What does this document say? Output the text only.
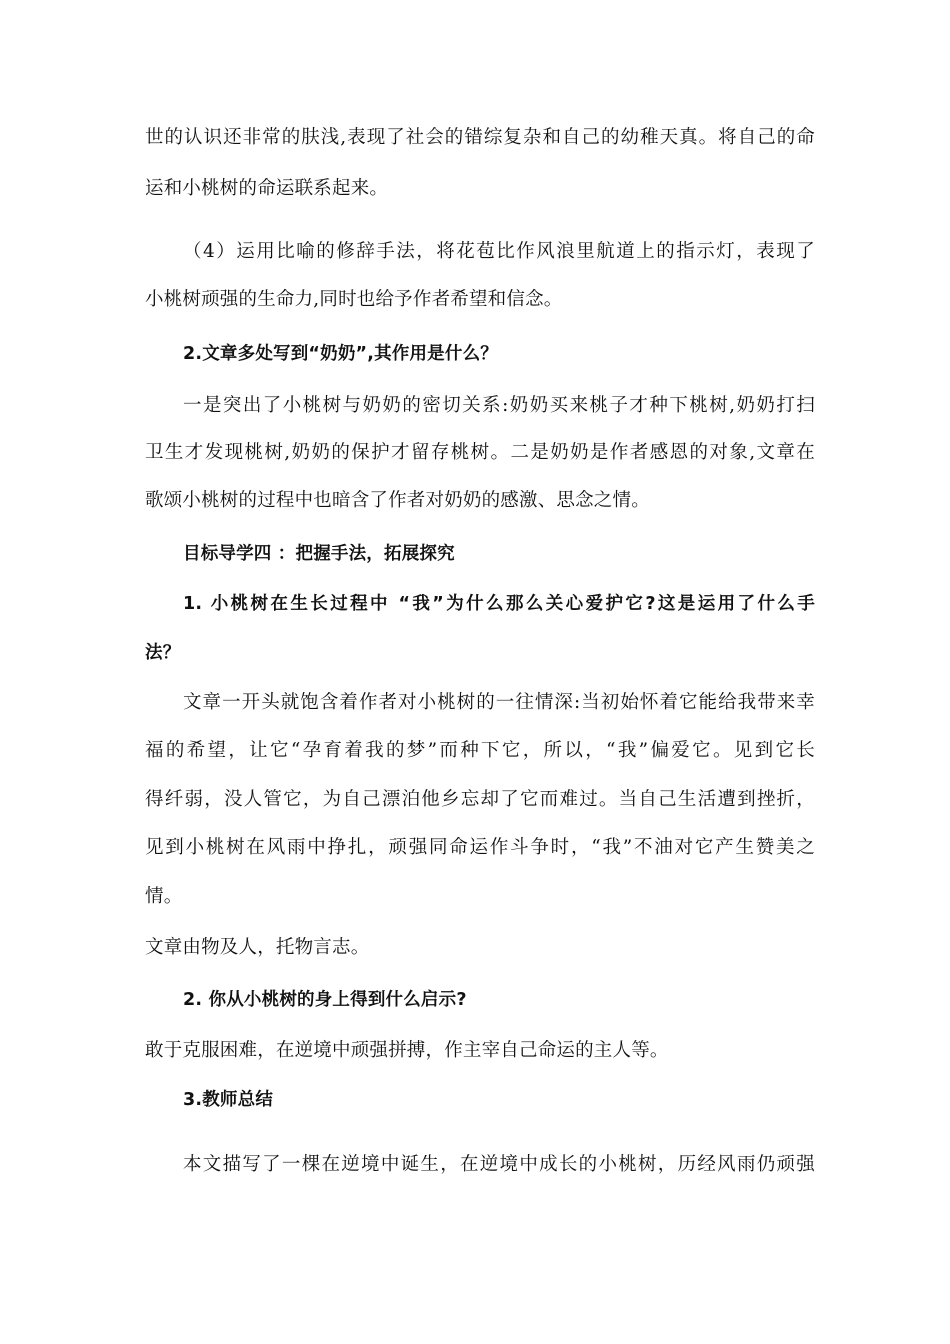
世的认识还非常的肤浅,表现了社会的错综复杂和自己的幼稚天真。将自己的命
运和小桃树的命运联系起来。
（4）运用比喻的修辞手法，将花苞比作风浪里航道上的指示灯，表现了
小桃树顽强的生命力,同时也给予作者希望和信念。
2.文章多处写到“奶奶”,其作用是什么？
一是突出了小桃树与奶奶的密切关系:奶奶买来桃子才种下桃树,奶奶打扫
卫生才发现桃树,奶奶的保护才留存桃树。二是奶奶是作者感恩的对象,文章在
歌颂小桃树的过程中也暗含了作者对奶奶的感激、思念之情。
目标导学四 ：把握手法，拓展探究
1. 小桃树在生长过程中 “我”为什么那么关心爱护它?这是运用了什么手
法？
文章一开头就饱含着作者对小桃树的一往情深:当初始怀着它能给我带来幸
福的希望，让它“孕育着我的梦”而种下它，所以，“我”偏爱它。见到它长
得纤弱，没人管它，为自己漂泊他乡忘却了它而难过。当自己生活遭到挫折，
见到小桃树在风雨中挣扎，顽强同命运作斗争时，“我”不油对它产生赞美之
情。
文章由物及人，托物言志。
2. 你从小桃树的身上得到什么启示?
敢于克服困难，在逆境中顽强拼搏，作主宰自己命运的主人等。
3.教师总结
本文描写了一棵在逆境中诞生，在逆境中成长的小桃树，历经风雨仍顽强
